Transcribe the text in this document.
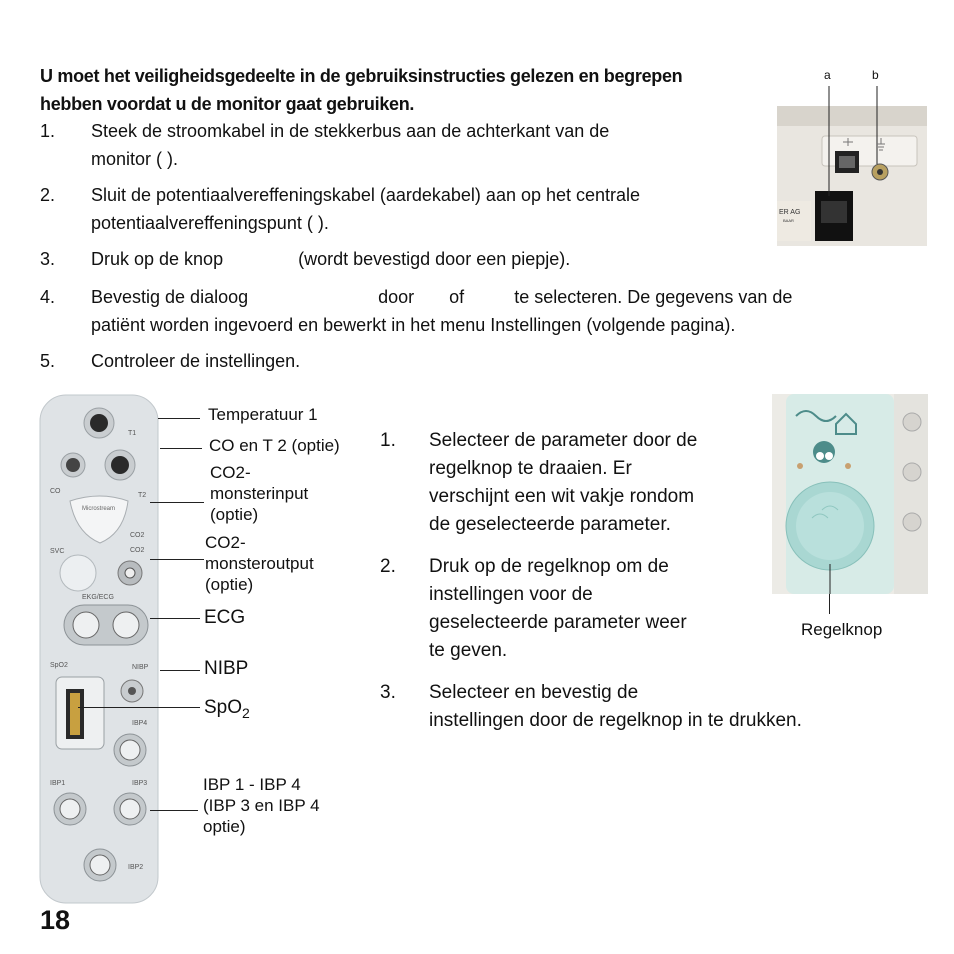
U moet het veiligheidsgedeelte in de gebruiksinstructies gelezen en begrepen
hebben voordat u de monitor gaat gebruiken.
1. Steek de stroomkabel in de stekkerbus aan de achterkant van de
monitor ( ).
2. Sluit de potentiaalvereffeningskabel (aardekabel) aan op het centrale
potentiaalvereffeningspunt ( ).
3. Druk op de knop               (wordt bevestigd door een piepje).
4. Bevestig de dialoog                          door       of          te selecteren. De gegevens van de
patiënt worden ingevoerd en bewerkt in het menu Instellingen (volgende pagina).
5. Controleer de instellingen.
a	b
ER AG
BAAR
T1
CO
T2
Microstream
CO2
SVC	CO2
EKG/ECG
SpO2	NIBP
IBP4
IBP1	IBP3
IBP2
Temperatuur 1
CO en T 2 (optie)
CO2-
monsterinput
(optie)
CO2-
monsteroutput
(optie)
ECG
NIBP
SpO$_2$
IBP 1 - IBP 4
(IBP 3 en IBP 4
optie)
1. Selecteer de parameter door de
regelknop te draaien. Er
verschijnt een wit vakje rondom
de geselecteerde parameter.
2. Druk op de regelknop om de
instellingen voor de
geselecteerde parameter weer
te geven.
3. Selecteer en bevestig de
instellingen door de regelknop in te drukken.
Regelknop
18
